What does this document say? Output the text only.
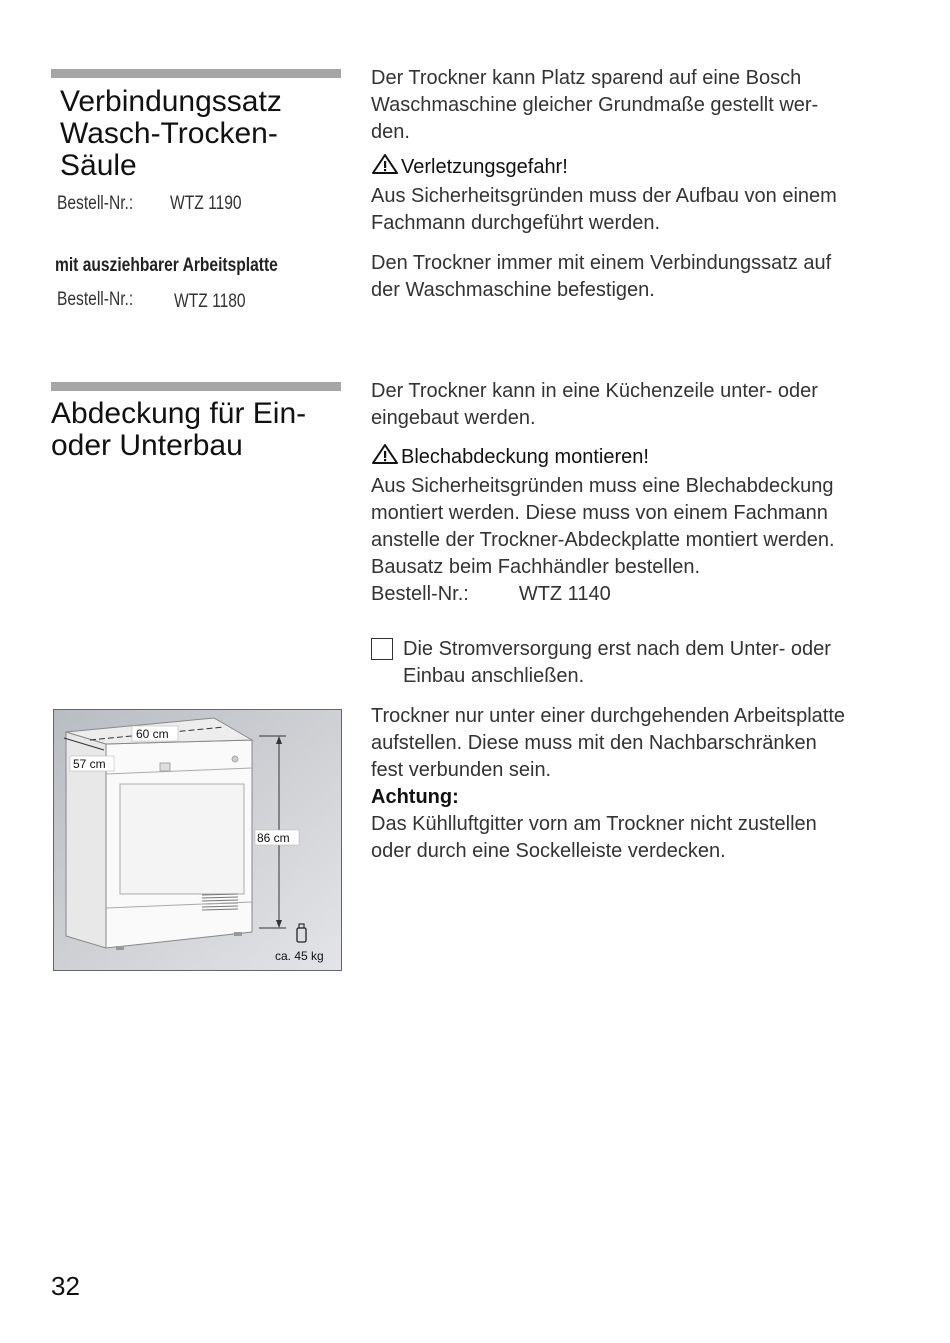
Verbindungssatz
Wasch-Trocken-
Säule
Bestell-Nr.: WTZ 1190
mit ausziehbarer Arbeitsplatte
Bestell-Nr.: WTZ 1180

Der Trockner kann Platz sparend auf eine Bosch
Waschmaschine gleicher Grundmaße gestellt wer-
den.

Verletzungsgefahr!
Aus Sicherheitsgründen muss der Aufbau von einem
Fachmann durchgeführt werden.

Den Trockner immer mit einem Verbindungssatz auf
der Waschmaschine befestigen.

Abdeckung für Ein-
oder Unterbau

Der Trockner kann in eine Küchenzeile unter- oder
eingebaut werden.

Blechabdeckung montieren!
Aus Sicherheitsgründen muss eine Blechabdeckung
montiert werden. Diese muss von einem Fachmann
anstelle der Trockner-Abdeckplatte montiert werden.
Bausatz beim Fachhändler bestellen.
Bestell-Nr.:	WTZ 1140

Die Stromversorgung erst nach dem Unter- oder
Einbau anschließen.

Trockner nur unter einer durchgehenden Arbeitsplatte
aufstellen. Diese muss mit den Nachbarschränken
fest verbunden sein.
Achtung:
Das Kühlluftgitter vorn am Trockner nicht zustellen
oder durch eine Sockelleiste verdecken.

60 cm
57 cm
86 cm
ca. 45 kg
32
